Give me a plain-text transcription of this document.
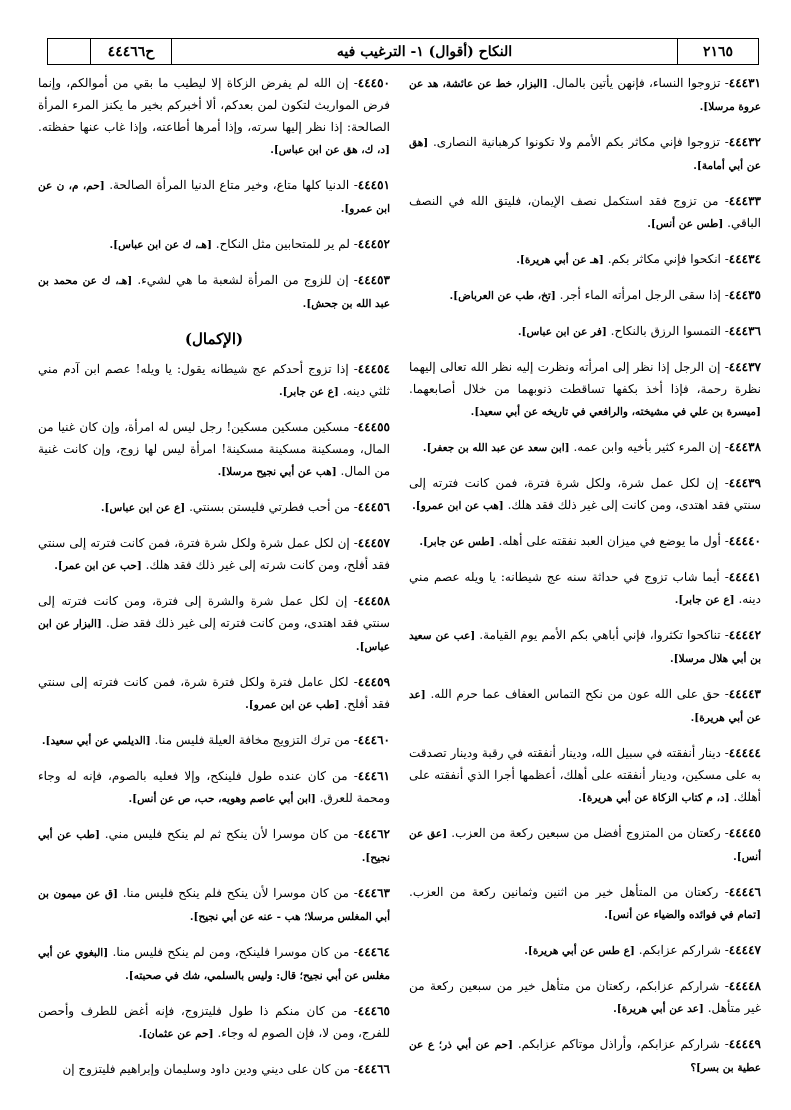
ح٤٤٤٦٦	النكاح (أقوال) ١- الترغيب فيه	٢١٦٥
٤٤٤٣١- تزوجوا النساء، فإنهن يأتين بالمال. [البزار، خط عن عائشة، هد عن عروة مرسلا].
٤٤٤٣٢- تزوجوا فإني مكاثر بكم الأمم ولا تكونوا كرهبانية النصارى. [هق عن أبي أمامة].
٤٤٤٣٣- من تزوج فقد استكمل نصف الإيمان، فليتق الله في النصف الباقي. [طس عن أنس].
٤٤٤٣٤- انكحوا فإني مكاثر بكم. [هـ عن أبي هريرة].
٤٤٤٣٥- إذا سقى الرجل امرأته الماء أجر. [تخ، طب عن العرباض].
٤٤٤٣٦- التمسوا الرزق بالنكاح. [فر عن ابن عباس].
٤٤٤٣٧- إن الرجل إذا نظر إلى امرأته ونظرت إليه نظر الله تعالى إليهما نظرة رحمة، فإذا أخذ بكفها تساقطت ذنوبهما من خلال أصابعهما. [ميسرة بن علي في مشيخته، والرافعي في تاريخه عن أبي سعيد].
٤٤٤٣٨- إن المرء كثير بأخيه وابن عمه. [ابن سعد عن عبد الله بن جعفر].
٤٤٤٣٩- إن لكل عمل شرة، ولكل شرة فترة، فمن كانت فترته إلى سنتي فقد اهتدى، ومن كانت إلى غير ذلك فقد هلك. [هب عن ابن عمرو].
٤٤٤٤٠- أول ما يوضع في ميزان العبد نفقته على أهله. [طس عن جابر].
٤٤٤٤١- أيما شاب تزوج في حداثة سنه عج شيطانه: يا ويله عصم مني دينه. [ع عن جابر].
٤٤٤٤٢- تناكحوا تكثروا، فإني أباهي بكم الأمم يوم القيامة. [عب عن سعيد بن أبي هلال مرسلا].
٤٤٤٤٣- حق على الله عون من نكح التماس العفاف عما حرم الله. [عد عن أبي هريرة].
٤٤٤٤٤- دينار أنفقته في سبيل الله، ودينار أنفقته في رقبة ودينار تصدقت به على مسكين، ودينار أنفقته على أهلك، أعظمها أجرا الذي أنفقته على أهلك. [د، م كتاب الزكاة عن أبي هريرة].
٤٤٤٤٥- ركعتان من المتزوج أفضل من سبعين ركعة من العزب. [عق عن أنس].
٤٤٤٤٦- ركعتان من المتأهل خير من اثنين وثمانين ركعة من العزب. [تمام في فوائده والضياء عن أنس].
٤٤٤٤٧- شراركم عزابكم. [ع طس عن أبي هريرة].
٤٤٤٤٨- شراركم عزابكم، ركعتان من متأهل خير من سبعين ركعة من غير متأهل. [عد عن أبي هريرة].
٤٤٤٤٩- شراركم عزابكم، وأراذل موتاكم عزابكم. [حم عن أبي ذر؛ ع عن عطية بن بسر]؟
٤٤٤٥٠- إن الله لم يفرض الزكاة إلا ليطيب ما بقي من أموالكم، وإنما فرض المواريث لتكون لمن بعدكم، ألا أخبركم بخير ما يكنز المرء المرأة الصالحة: إذا نظر إليها سرته، وإذا أمرها أطاعته، وإذا غاب عنها حفظته. [د، ك، هق عن ابن عباس].
٤٤٤٥١- الدنيا كلها متاع، وخير متاع الدنيا المرأة الصالحة. [حم، م، ن عن ابن عمرو].
٤٤٤٥٢- لم ير للمتحابين مثل النكاح. [هـ، ك عن ابن عباس].
٤٤٤٥٣- إن للزوج من المرأة لشعبة ما هي لشيء. [هـ، ك عن محمد بن عبد الله بن جحش].
(الإكمال)
٤٤٤٥٤- إذا تزوج أحدكم عج شيطانه يقول: يا ويله! عصم ابن آدم مني ثلثي دينه. [ع عن جابر].
٤٤٤٥٥- مسكين مسكين مسكين! رجل ليس له امرأة، وإن كان غنيا من المال، ومسكينة مسكينة مسكينة! امرأة ليس لها زوج، وإن كانت غنية من المال. [هب عن أبي نجيح مرسلا].
٤٤٤٥٦- من أحب فطرتي فليستن بسنتي. [ع عن ابن عباس].
٤٤٤٥٧- إن لكل عمل شرة ولكل شرة فترة، فمن كانت فترته إلى سنتي فقد أفلح، ومن كانت شرته إلى غير ذلك فقد هلك. [حب عن ابن عمر].
٤٤٤٥٨- إن لكل عمل شرة والشرة إلى فترة، ومن كانت فترته إلى سنتي فقد اهتدى، ومن كانت فترته إلى غير ذلك فقد ضل. [البزار عن ابن عباس].
٤٤٤٥٩- لكل عامل فترة ولكل فترة شرة، فمن كانت فترته إلى سنتي فقد أفلح. [طب عن ابن عمرو].
٤٤٤٦٠- من ترك التزويج مخافة العيلة فليس منا. [الديلمي عن أبي سعيد].
٤٤٤٦١- من كان عنده طول فلينكح، وإلا فعليه بالصوم، فإنه له وجاء ومحمة للعرق. [ابن أبي عاصم وهويه، حب، ص عن أنس].
٤٤٤٦٢- من كان موسرا لأن ينكح ثم لم ينكح فليس مني. [طب عن أبي نجيح].
٤٤٤٦٣- من كان موسرا لأن ينكح فلم ينكح فليس منا. [ق عن ميمون بن أبي المغلس مرسلا؛ هب - عنه عن أبي نجيح].
٤٤٤٦٤- من كان موسرا فلينكح، ومن لم ينكح فليس منا. [البغوي عن أبي مغلس عن أبي نجيح؛ قال: وليس بالسلمي، شك في صحبته].
٤٤٤٦٥- من كان منكم ذا طول فليتزوج، فإنه أغض للطرف وأحصن للفرج، ومن لا، فإن الصوم له وجاء. [حم عن عثمان].
٤٤٤٦٦- من كان على ديني ودين داود وسليمان وإبراهيم فليتزوج إن
